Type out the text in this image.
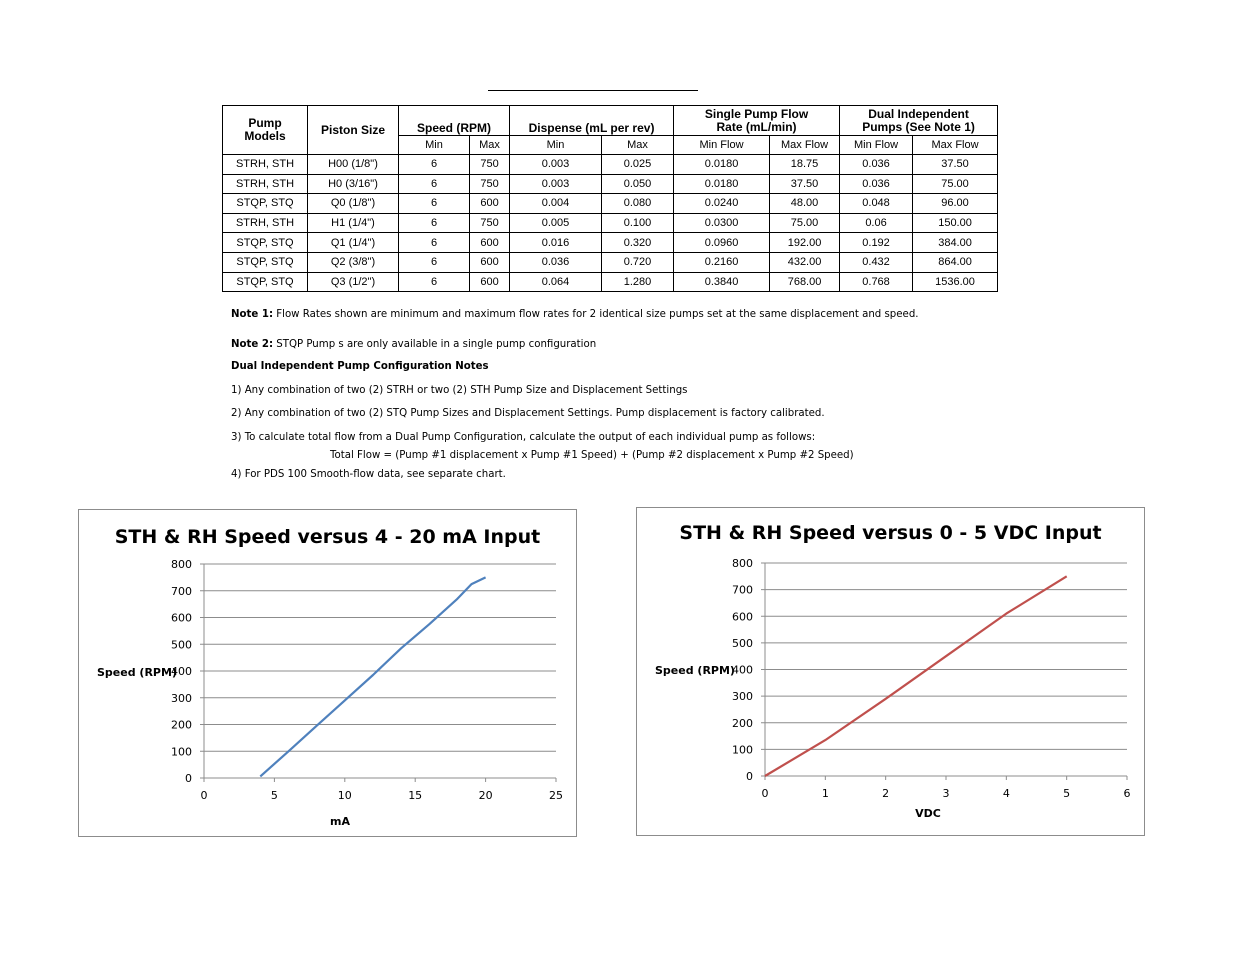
Pump Models	Piston Size	Speed (RPM)		Dispense (mL per rev)		Single Pump Flow Rate (mL/min)		Dual Independent Pumps (See Note 1)	
		Min	Max	Min	Max	Min Flow	Max Flow	Min Flow	Max Flow
STRH, STH	H00 (1/8")	6	750	0.003	0.025	0.0180	18.75	0.036	37.50
STRH, STH	H0 (3/16")	6	750	0.003	0.050	0.0180	37.50	0.036	75.00
STQP, STQ	Q0 (1/8")	6	600	0.004	0.080	0.0240	48.00	0.048	96.00
STRH, STH	H1 (1/4")	6	750	0.005	0.100	0.0300	75.00	0.06	150.00
STQP, STQ	Q1 (1/4")	6	600	0.016	0.320	0.0960	192.00	0.192	384.00
STQP, STQ	Q2 (3/8")	6	600	0.036	0.720	0.2160	432.00	0.432	864.00
STQP, STQ	Q3 (1/2")	6	600	0.064	1.280	0.3840	768.00	0.768	1536.00
Note 1: Flow Rates shown are minimum and maximum flow rates for 2 identical size pumps set at the same displacement and speed.
Note 2: STQP Pump s are only available in a single pump configuration
Dual Independent Pump Configuration Notes
1) Any combination of two (2) STRH or two (2) STH Pump Size and Displacement Settings
2) Any combination of two (2) STQ Pump Sizes and Displacement Settings. Pump displacement is factory calibrated.
3) To calculate total flow from a Dual Pump Configuration, calculate the output of each individual pump as follows:
Total Flow = (Pump #1 displacement x Pump #1 Speed) + (Pump #2 displacement x Pump #2 Speed)
4) For PDS 100 Smooth-flow data, see separate chart.
STH & RH Speed versus 4 - 20 mA Input
0
100
200
300
400
500
600
700
800
0	5	10	15	20	25
Speed (RPM)
mA
STH & RH Speed versus 0 - 5 VDC Input
0
100
200
300
400
500
600
700
800
0	1	2	3	4	5	6
Speed (RPM)
VDC
